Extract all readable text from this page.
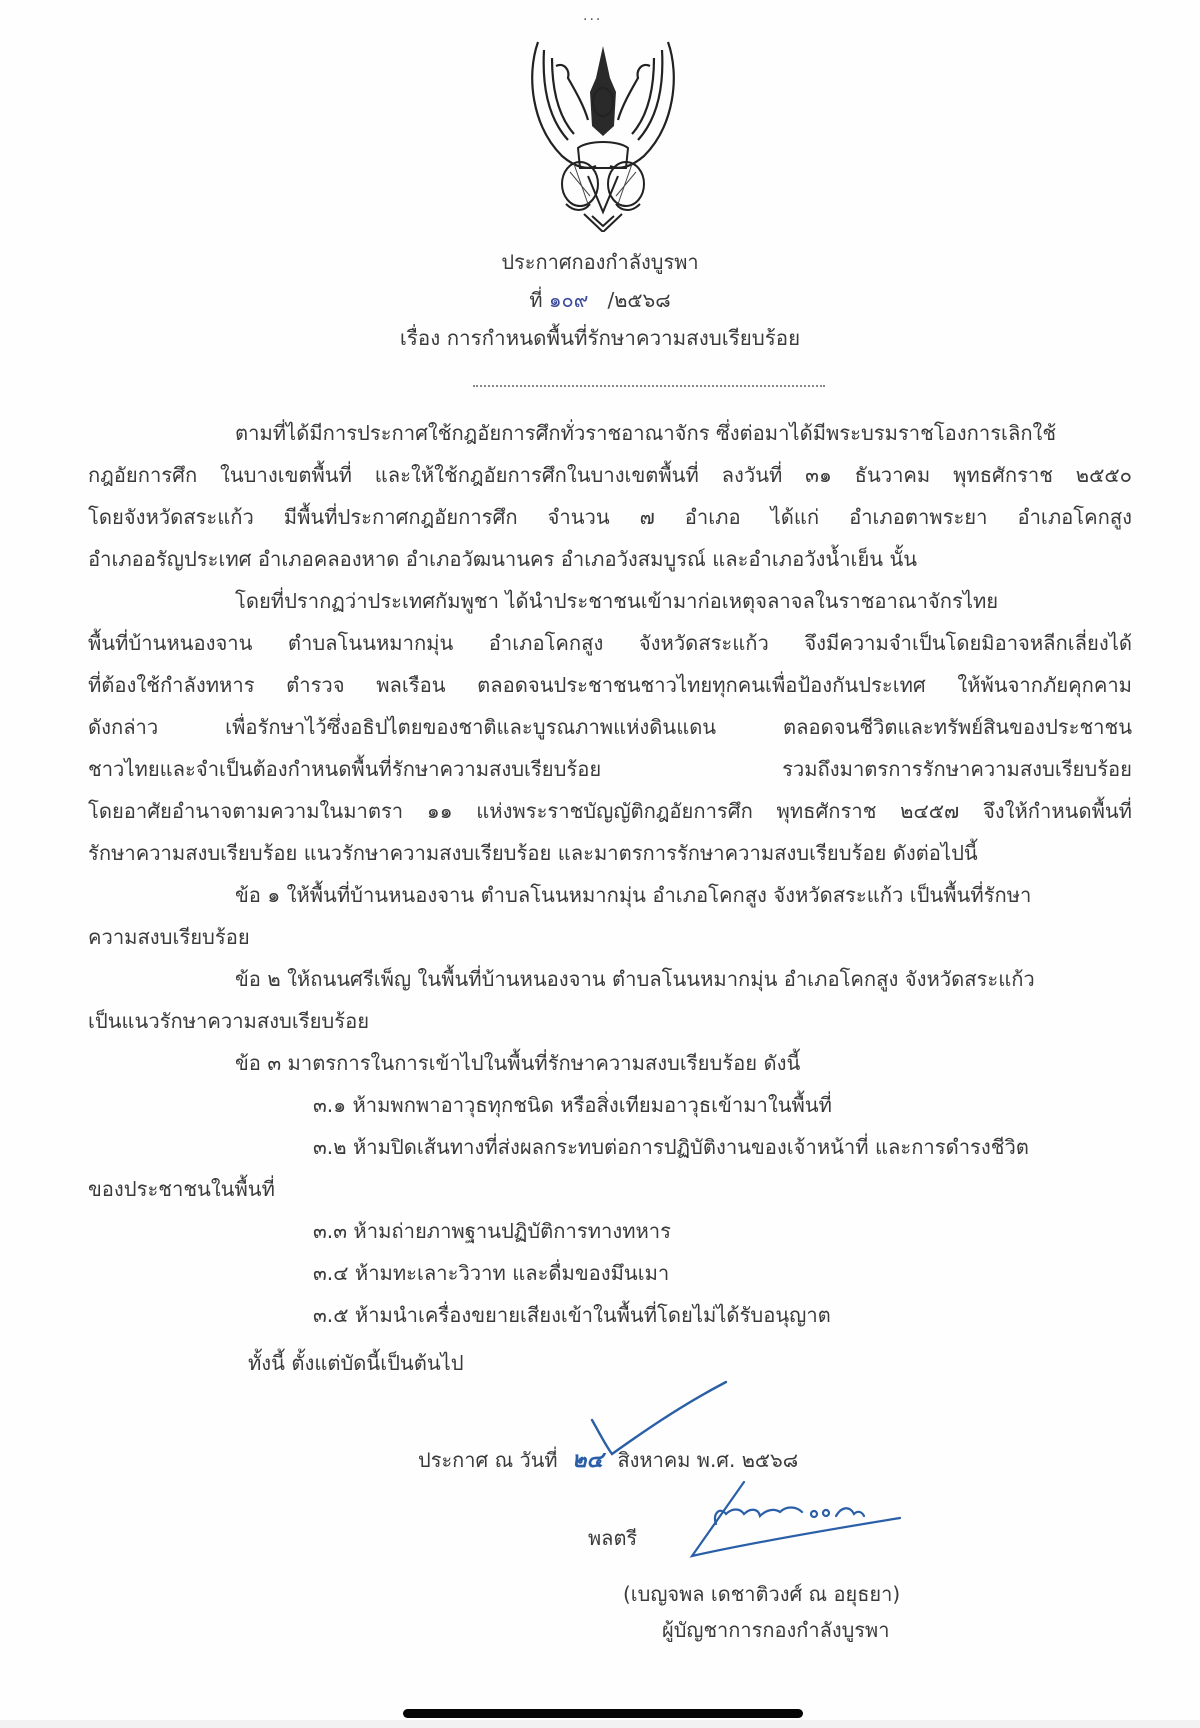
...
ประกาศกองกำลังบูรพา
ที่ ๑๐๙ /๒๕๖๘
เรื่อง การกำหนดพื้นที่รักษาความสงบเรียบร้อย
ตามที่ได้มีการประกาศใช้กฎอัยการศึกทั่วราชอาณาจักร ซึ่งต่อมาได้มีพระบรมราชโองการเลิกใช้
กฎอัยการศึก ในบางเขตพื้นที่ และให้ใช้กฎอัยการศึกในบางเขตพื้นที่ ลงวันที่ ๓๑ ธันวาคม พุทธศักราช ๒๕๕๐
โดยจังหวัดสระแก้ว มีพื้นที่ประกาศกฎอัยการศึก จำนวน ๗ อำเภอ ได้แก่ อำเภอตาพระยา อำเภอโคกสูง
อำเภออรัญประเทศ อำเภอคลองหาด อำเภอวัฒนานคร อำเภอวังสมบูรณ์ และอำเภอวังน้ำเย็น นั้น
โดยที่ปรากฏว่าประเทศกัมพูชา ได้นำประชาชนเข้ามาก่อเหตุจลาจลในราชอาณาจักรไทย
พื้นที่บ้านหนองจาน ตำบลโนนหมากมุ่น อำเภอโคกสูง จังหวัดสระแก้ว จึงมีความจำเป็นโดยมิอาจหลีกเลี่ยงได้
ที่ต้องใช้กำลังทหาร ตำรวจ พลเรือน ตลอดจนประชาชนชาวไทยทุกคนเพื่อป้องกันประเทศ ให้พ้นจากภัยคุกคาม
ดังกล่าว เพื่อรักษาไว้ซึ่งอธิปไตยของชาติและบูรณภาพแห่งดินแดน ตลอดจนชีวิตและทรัพย์สินของประชาชน
ชาวไทยและจำเป็นต้องกำหนดพื้นที่รักษาความสงบเรียบร้อย รวมถึงมาตรการรักษาความสงบเรียบร้อย
โดยอาศัยอำนาจตามความในมาตรา ๑๑ แห่งพระราชบัญญัติกฎอัยการศึก พุทธศักราช ๒๔๕๗ จึงให้กำหนดพื้นที่
รักษาความสงบเรียบร้อย แนวรักษาความสงบเรียบร้อย และมาตรการรักษาความสงบเรียบร้อย ดังต่อไปนี้
ข้อ ๑ ให้พื้นที่บ้านหนองจาน ตำบลโนนหมากมุ่น อำเภอโคกสูง จังหวัดสระแก้ว เป็นพื้นที่รักษา
ความสงบเรียบร้อย
ข้อ ๒ ให้ถนนศรีเพ็ญ ในพื้นที่บ้านหนองจาน ตำบลโนนหมากมุ่น อำเภอโคกสูง จังหวัดสระแก้ว
เป็นแนวรักษาความสงบเรียบร้อย
ข้อ ๓ มาตรการในการเข้าไปในพื้นที่รักษาความสงบเรียบร้อย ดังนี้
๓.๑ ห้ามพกพาอาวุธทุกชนิด หรือสิ่งเทียมอาวุธเข้ามาในพื้นที่
๓.๒ ห้ามปิดเส้นทางที่ส่งผลกระทบต่อการปฏิบัติงานของเจ้าหน้าที่ และการดำรงชีวิต
ของประชาชนในพื้นที่
๓.๓ ห้ามถ่ายภาพฐานปฏิบัติการทางทหาร
๓.๔ ห้ามทะเลาะวิวาท และดื่มของมึนเมา
๓.๕ ห้ามนำเครื่องขยายเสียงเข้าในพื้นที่โดยไม่ได้รับอนุญาต
ทั้งนี้ ตั้งแต่บัดนี้เป็นต้นไป
ประกาศ ณ วันที่ ๒๔ สิงหาคม พ.ศ. ๒๕๖๘
พลตรี
(เบญจพล เดชาติวงศ์ ณ อยุธยา)
ผู้บัญชาการกองกำลังบูรพา
